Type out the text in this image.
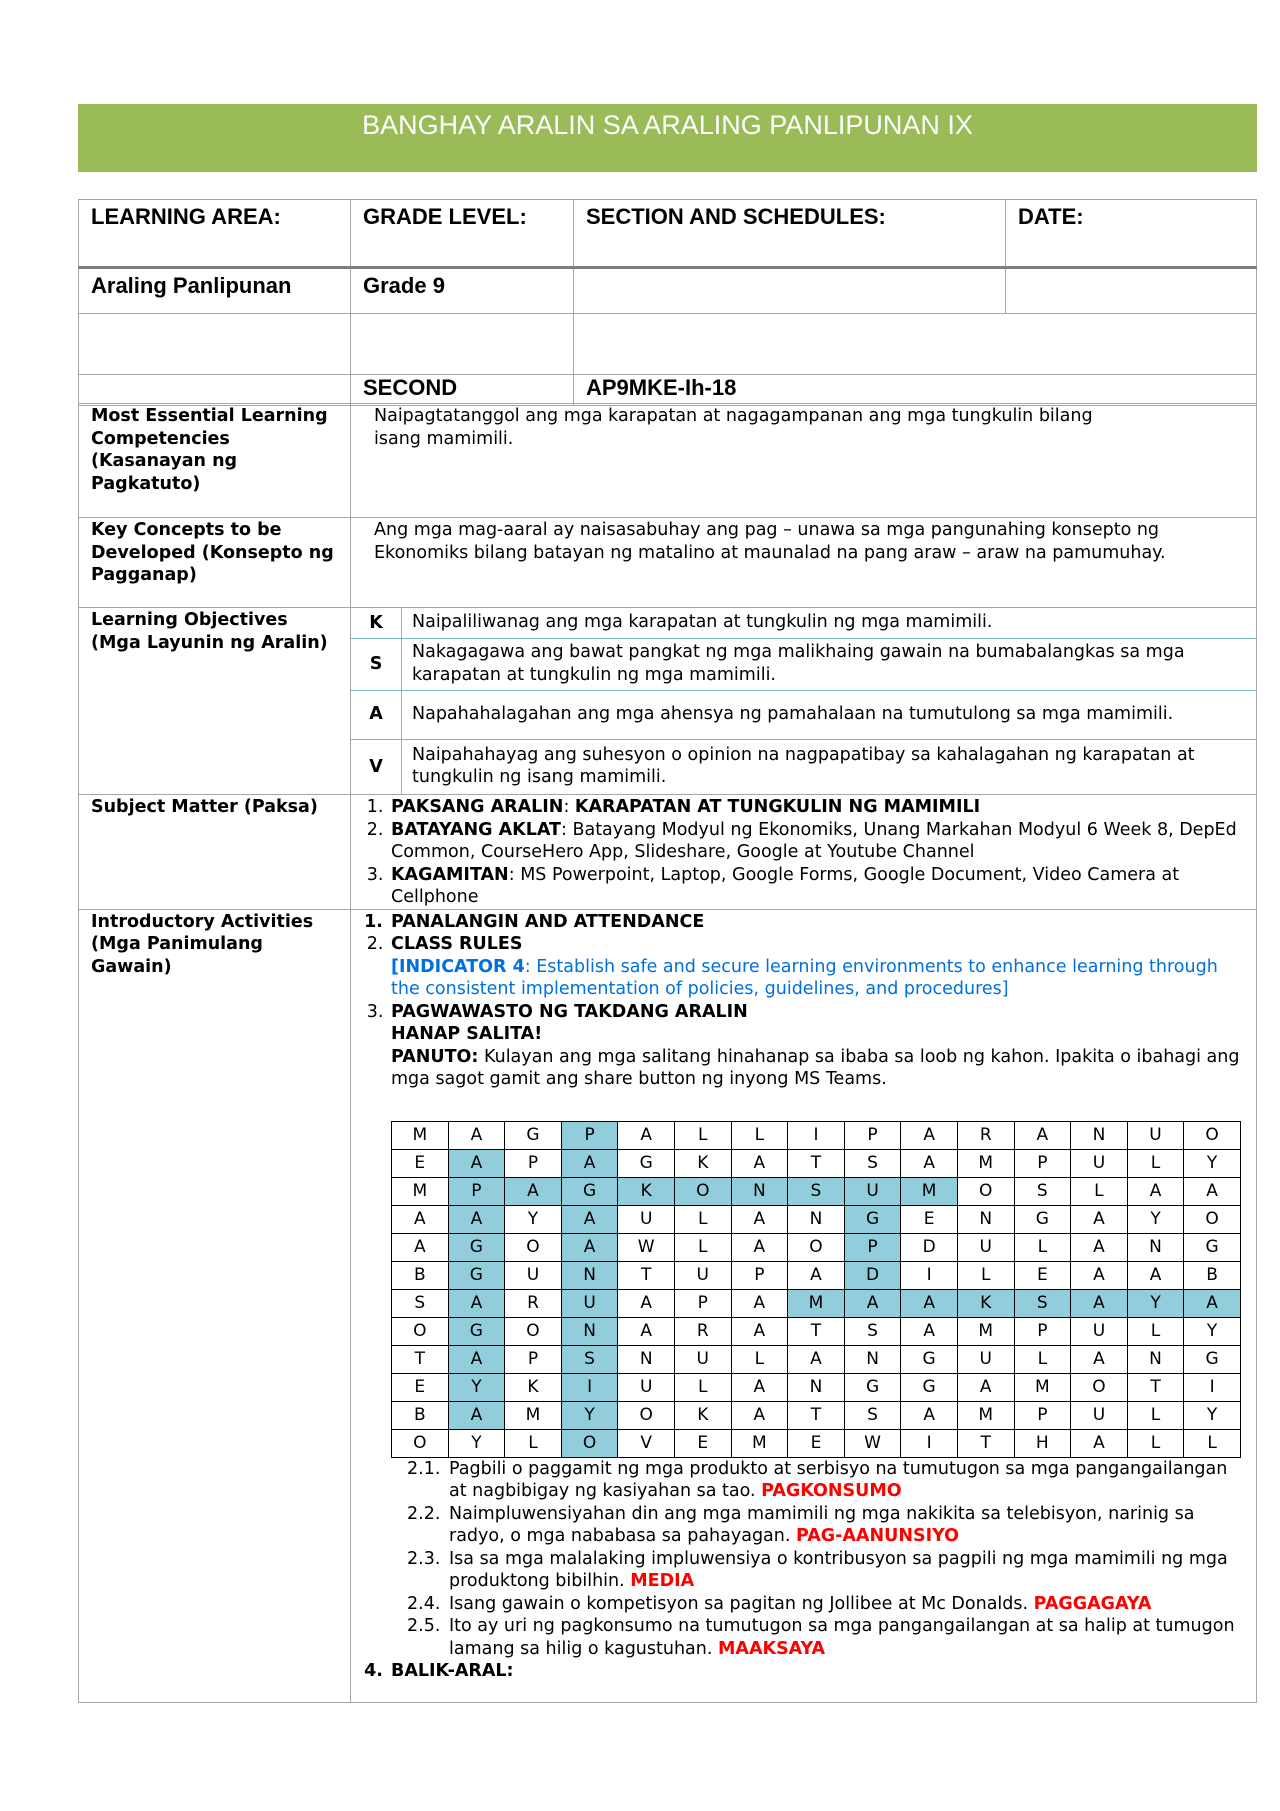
BANGHAY ARALIN SA ARALING PANLIPUNAN IX
LEARNING AREA:	GRADE LEVEL:	SECTION AND SCHEDULES:	DATE:
Araling Panlipunan	Grade 9		

	SECOND	AP9MKE-Ih-18	
Most Essential Learning Competencies (Kasanayan ng Pagkatuto)	Naipagtatanggol ang mga karapatan at nagagampanan ang mga tungkulin bilang isang mamimili.
Key Concepts to be Developed (Konsepto ng Pagganap)	Ang mga mag-aaral ay naisasabuhay ang pag – unawa sa mga pangunahing konsepto ng Ekonomiks bilang batayan ng matalino at maunalad na pang araw – araw na pamumuhay.
Learning Objectives (Mga Layunin ng Aralin)	
K	Naipaliliwanag ang mga karapatan at tungkulin ng mga mamimili.
S	Nakagagawa ang bawat pangkat ng mga malikhaing gawain na bumabalangkas sa mga karapatan at tungkulin ng mga mamimili.
A	Napahahalagahan ang mga ahensya ng pamahalaan na tumutulong sa mga mamimili.
V	Naipahahayag ang suhesyon o opinion na nagpapatibay sa kahalagahan ng karapatan at tungkulin ng isang mamimili.

Subject Matter (Paksa)	
1.PAKSANG ARALIN: KARAPATAN AT TUNGKULIN NG MAMIMILI
2. BATAYANG AKLAT: Batayang Modyul ng Ekonomiks, Unang Markahan Modyul 6 Week 8, DepEd Common, CourseHero App, Slideshare, Google at Youtube Channel
3. KAGAMITAN: MS Powerpoint, Laptop, Google Forms, Google Document, Video Camera at Cellphone

Introductory Activities (Mga Panimulang Gawain)	
1. PANALANGIN AND ATTENDANCE
2. CLASS RULES
[INDICATOR 4: Establish safe and secure learning environments to enhance learning through the consistent implementation of policies, guidelines, and procedures]
3. PAGWAWASTO NG TAKDANG ARALIN
HANAP SALITA!
PANUTO: Kulayan ang mga salitang hinahanap sa ibaba sa loob ng kahon. Ipakita o ibahagi ang mga sagot gamit ang share button ng inyong MS Teams.
M	A	G	P	A	L	L	I	P	A	R	A	N	U	O
E	A	P	A	G	K	A	T	S	A	M	P	U	L	Y
M	P	A	G	K	O	N	S	U	M	O	S	L	A	A
A	A	Y	A	U	L	A	N	G	E	N	G	A	Y	O
A	G	O	A	W	L	A	O	P	D	U	L	A	N	G
B	G	U	N	T	U	P	A	D	I	L	E	A	A	B
S	A	R	U	A	P	A	M	A	A	K	S	A	Y	A
O	G	O	N	A	R	A	T	S	A	M	P	U	L	Y
T	A	P	S	N	U	L	A	N	G	U	L	A	N	G
E	Y	K	I	U	L	A	N	G	G	A	M	O	T	I
B	A	M	Y	O	K	A	T	S	A	M	P	U	L	Y
O	Y	L	O	V	E	M	E	W	I	T	H	A	L	L
2.1. Pagbili o paggamit ng mga produkto at serbisyo na tumutugon sa mga pangangailangan at nagbibigay ng kasiyahan sa tao. PAGKONSUMO
2.2. Naimpluwensiyahan din ang mga mamimili ng mga nakikita sa telebisyon, narinig sa radyo, o mga nababasa sa pahayagan. PAG-AANUNSIYO
2.3. Isa sa mga malalaking impluwensiya o kontribusyon sa pagpili ng mga mamimili ng mga produktong bibilhin. MEDIA
2.4. Isang gawain o kompetisyon sa pagitan ng Jollibee at Mc Donalds. PAGGAGAYA
2.5. Ito ay uri ng pagkonsumo na tumutugon sa mga pangangailangan at sa halip at tumugon lamang sa hilig o kagustuhan. MAAKSAYA
4. BALIK-ARAL:
